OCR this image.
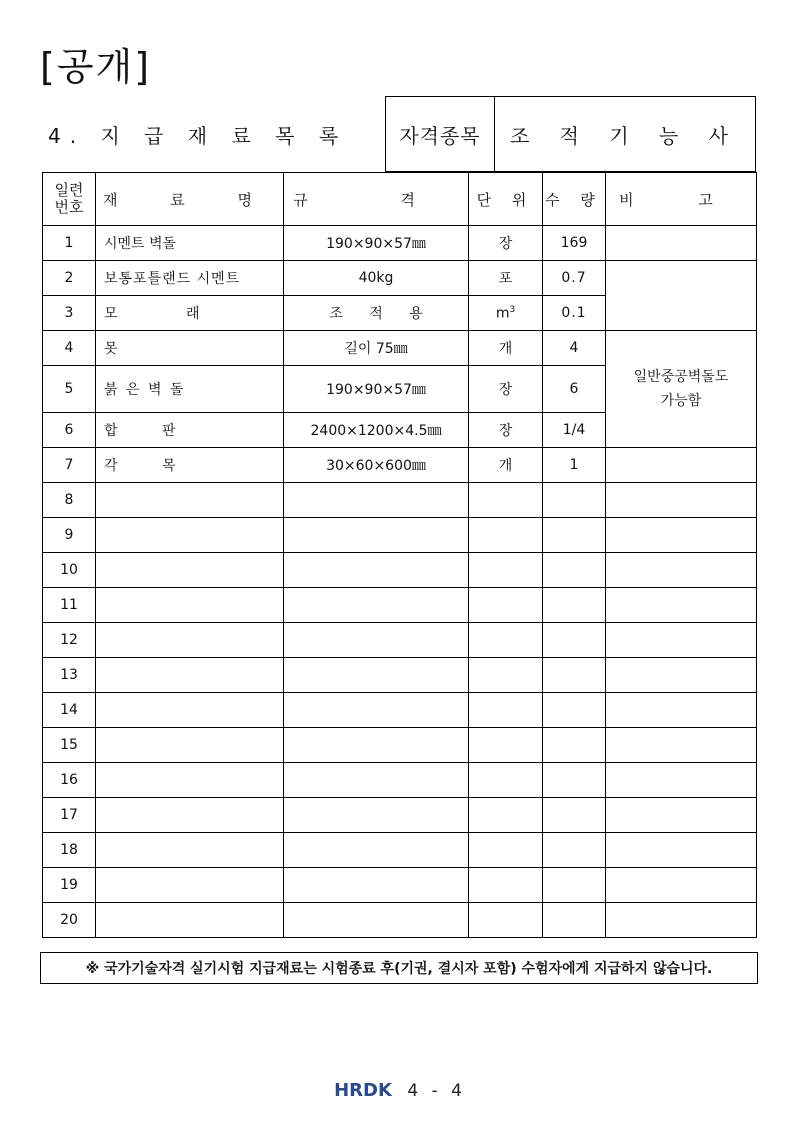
[공개]
4. 지 급 재 료 목 록	자격종목	조 적 기 능 사
일련
번호	재 료 명	규 격	단 위	수 량	비 고	
1	시멘트 벽돌	190×90×57㎜	장	169		
2	보통포틀랜드 시멘트	40kg	포	0.7		
3	모 래	조 적 용	$m^3$	0.1		
4	못	길이 75㎜	개	4	일반중공벽돌도
가능함	
5	붉 은 벽 돌	190×90×57㎜	장	6		
6	합 판	2400×1200×4.5㎜	장	1/4		
7	각 목	30×60×600㎜	개	1		
8						
9						
10						
11						
12						
13						
14						
15						
16						
17						
18						
19						
20						
※ 국가기술자격 실기시험 지급재료는 시험종료 후(기권, 결시자 포함) 수험자에게 지급하지 않습니다.
HRDK 4 - 4
